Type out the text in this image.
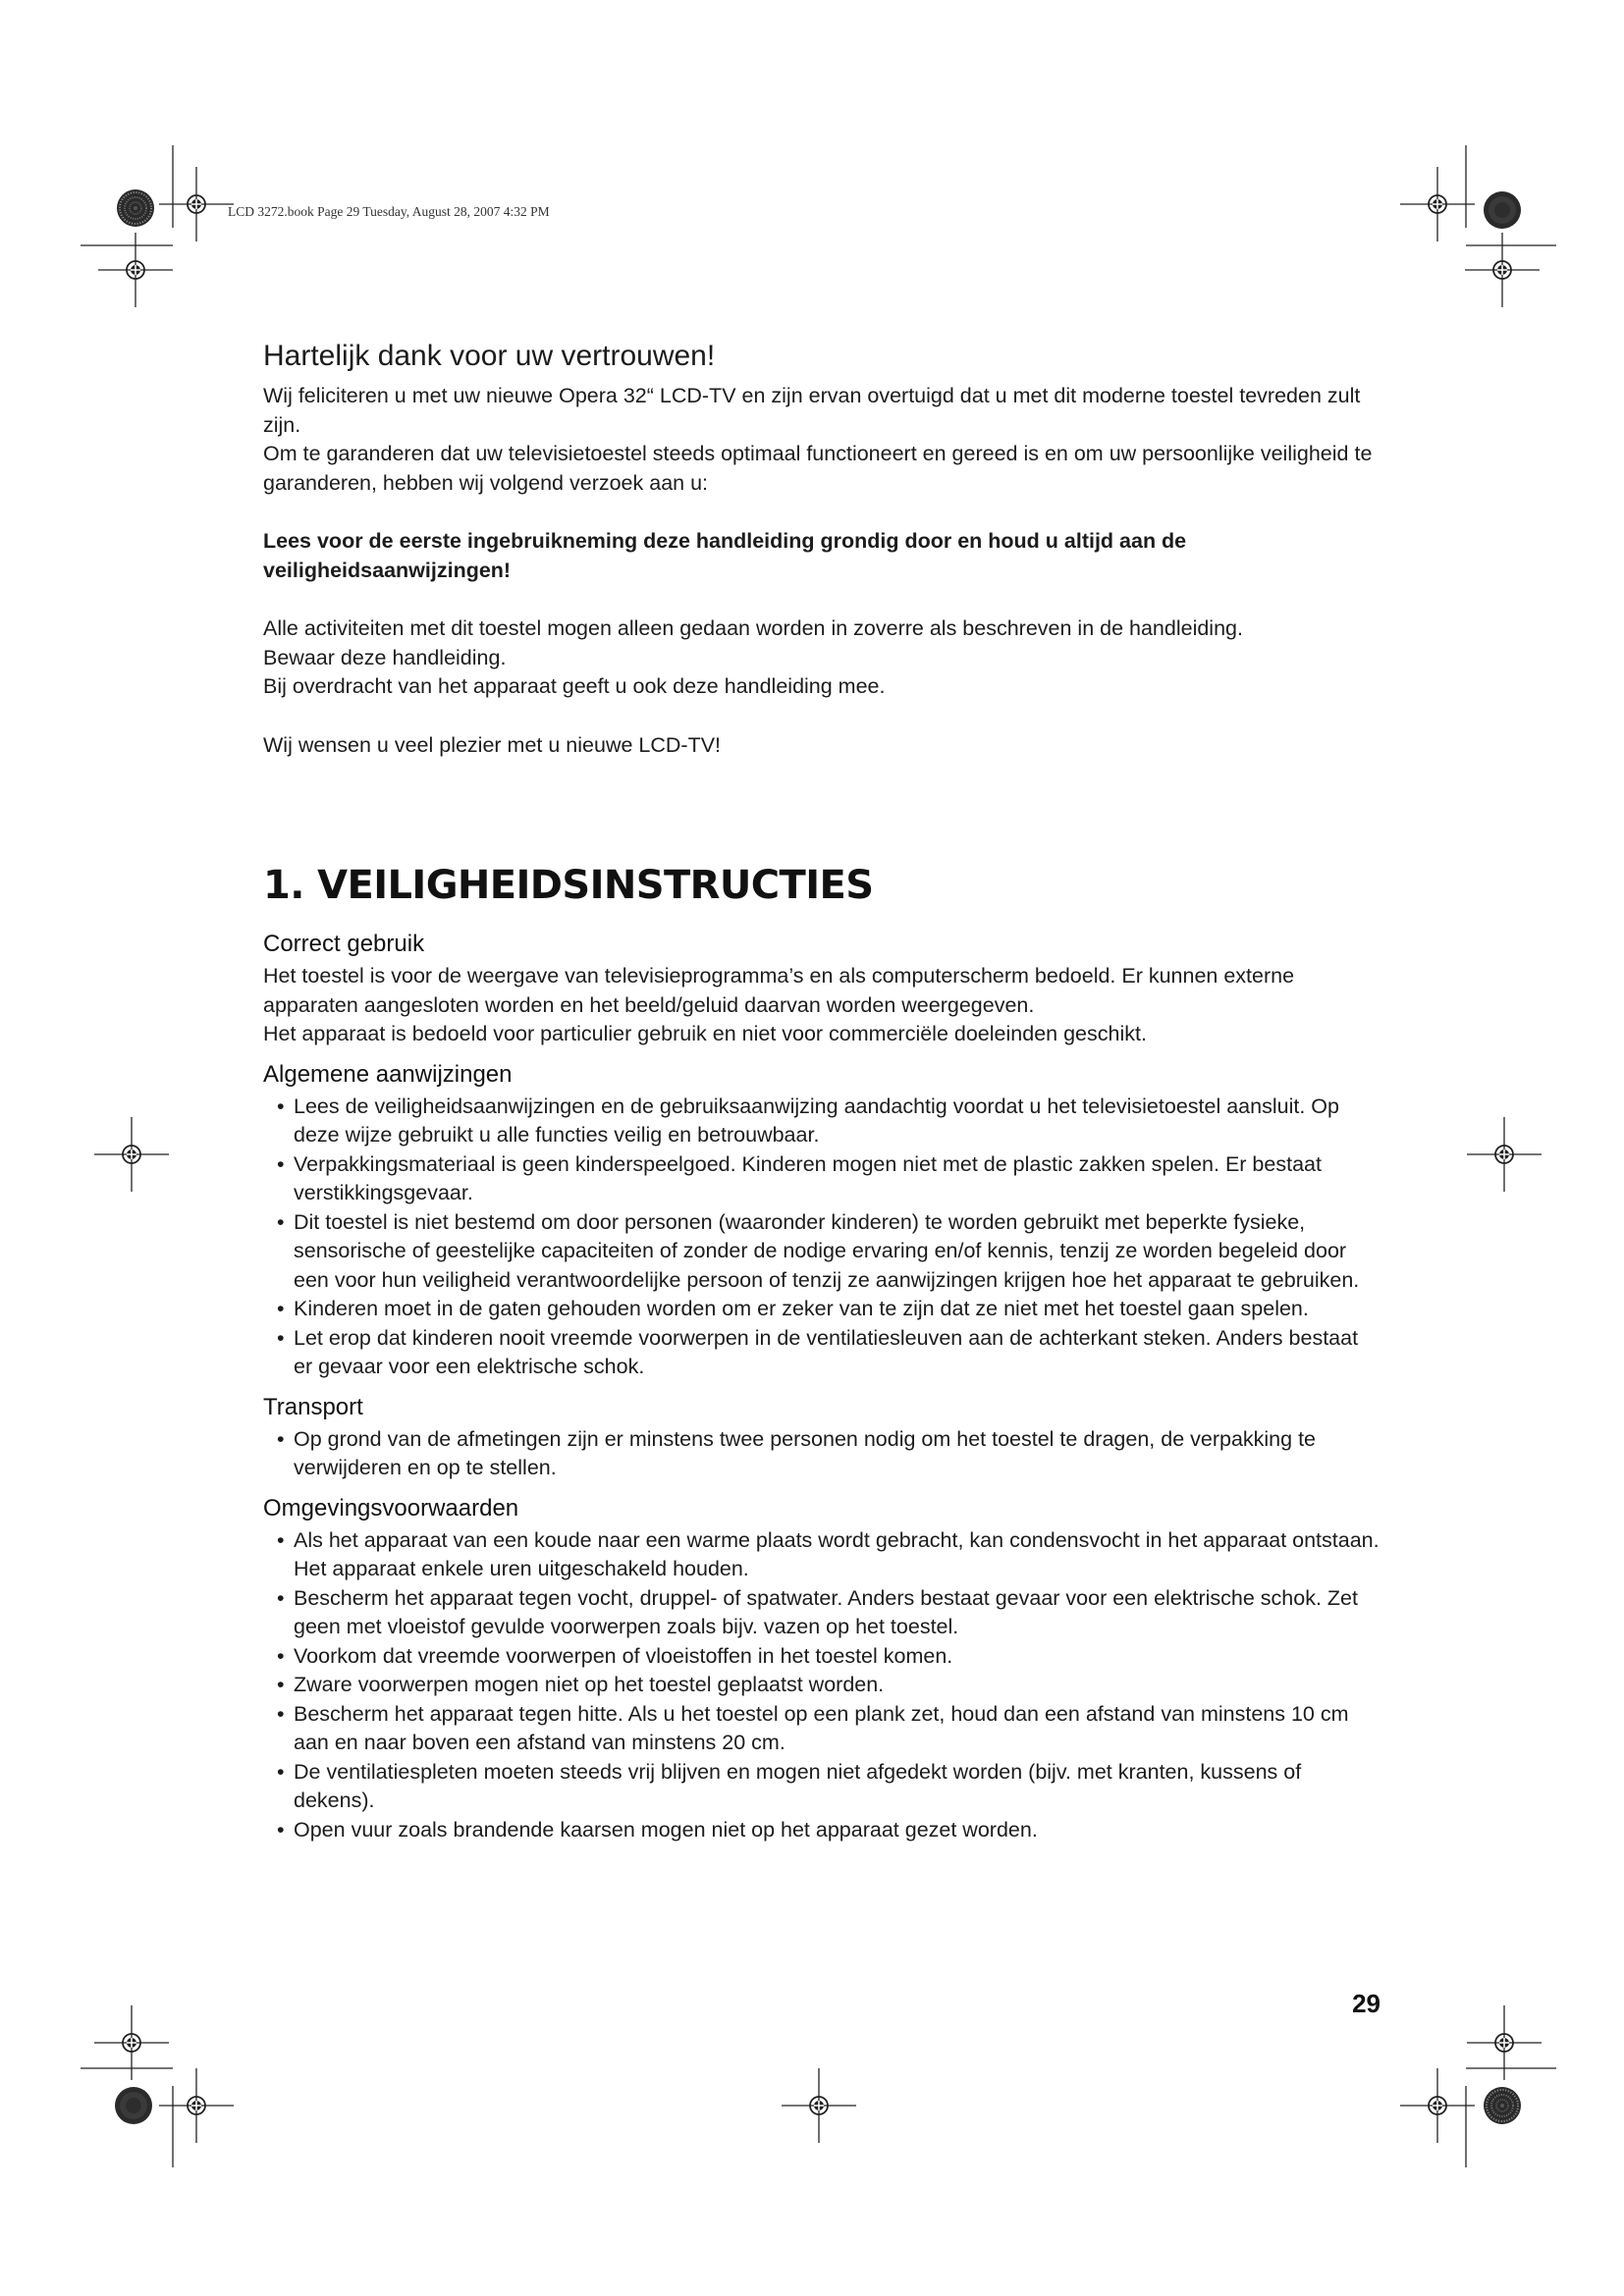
LCD 3272.book Page 29 Tuesday, August 28, 2007 4:32 PM
Hartelijk dank voor uw vertrouwen!

Wij feliciteren u met uw nieuwe Opera 32“ LCD-TV en zijn ervan overtuigd dat u met dit moderne toestel tevreden zult zijn.

Om te garanderen dat uw televisietoestel steeds optimaal functioneert en gereed is en om uw persoonlijke veiligheid te garanderen, hebben wij volgend verzoek aan u:

Lees voor de eerste ingebruikneming deze handleiding grondig door en houd u altijd aan de veiligheidsaanwijzingen!

Alle activiteiten met dit toestel mogen alleen gedaan worden in zoverre als beschreven in de handleiding.

Bewaar deze handleiding.

Bij overdracht van het apparaat geeft u ook deze handleiding mee.

Wij wensen u veel plezier met u nieuwe LCD-TV!

1. VEILIGHEIDSINSTRUCTIES
Correct gebruik

Het toestel is voor de weergave van televisieprogramma’s en als computerscherm bedoeld. Er kunnen externe apparaten aangesloten worden en het beeld/geluid daarvan worden weergegeven.

Het apparaat is bedoeld voor particulier gebruik en niet voor commerciële doeleinden geschikt.

Algemene aanwijzingen
• Lees de veiligheidsaanwijzingen en de gebruiksaanwijzing aandachtig voordat u het televisietoestel aansluit. Op deze wijze gebruikt u alle functies veilig en betrouwbaar.
• Verpakkingsmateriaal is geen kinderspeelgoed. Kinderen mogen niet met de plastic zakken spelen. Er bestaat verstikkingsgevaar.
• Dit toestel is niet bestemd om door personen (waaronder kinderen) te worden gebruikt met beperkte fysieke, sensorische of geestelijke capaciteiten of zonder de nodige ervaring en/of kennis, tenzij ze worden begeleid door een voor hun veiligheid verantwoordelijke persoon of tenzij ze aanwijzingen krijgen hoe het apparaat te gebruiken.
• Kinderen moet in de gaten gehouden worden om er zeker van te zijn dat ze niet met het toestel gaan spelen.
• Let erop dat kinderen nooit vreemde voorwerpen in de ventilatiesleuven aan de achterkant steken. Anders bestaat er gevaar voor een elektrische schok.
Transport
• Op grond van de afmetingen zijn er minstens twee personen nodig om het toestel te dragen, de verpakking te verwijderen en op te stellen.
Omgevingsvoorwaarden
• Als het apparaat van een koude naar een warme plaats wordt gebracht, kan condensvocht in het apparaat ontstaan. Het apparaat enkele uren uitgeschakeld houden.
• Bescherm het apparaat tegen vocht, druppel- of spatwater. Anders bestaat gevaar voor een elektrische schok. Zet geen met vloeistof gevulde voorwerpen zoals bijv. vazen op het toestel.
• Voorkom dat vreemde voorwerpen of vloeistoffen in het toestel komen.
• Zware voorwerpen mogen niet op het toestel geplaatst worden.
• Bescherm het apparaat tegen hitte. Als u het toestel op een plank zet, houd dan een afstand van minstens 10 cm aan en naar boven een afstand van minstens 20 cm.
• De ventilatiespleten moeten steeds vrij blijven en mogen niet afgedekt worden (bijv. met kranten, kussens of dekens).
• Open vuur zoals brandende kaarsen mogen niet op het apparaat gezet worden.
29
